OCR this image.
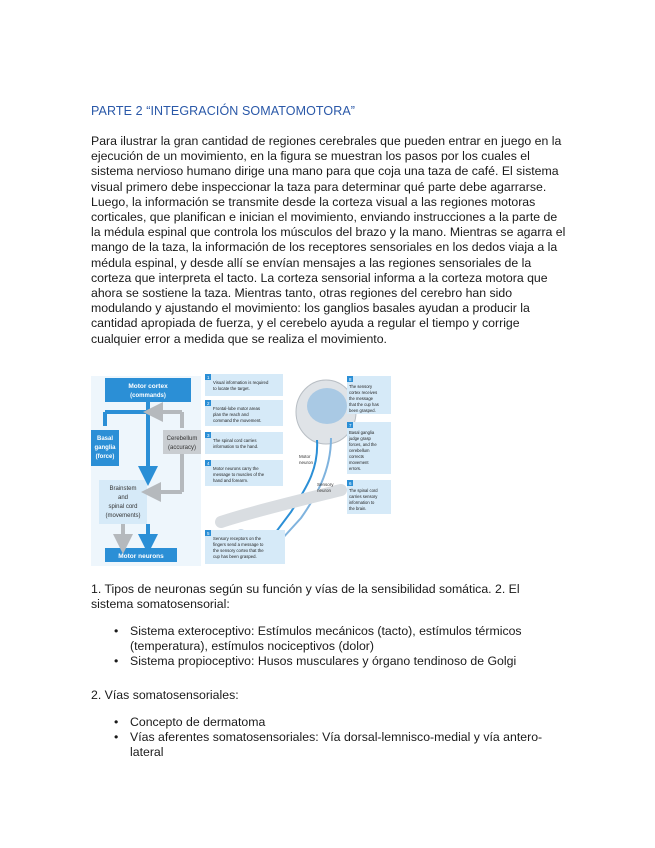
PARTE 2 “INTEGRACIÓN SOMATOMOTORA”

Para ilustrar la gran cantidad de regiones cerebrales que pueden entrar en juego en la ejecución de un movimiento, en la figura se muestran los pasos por los cuales el sistema nervioso humano dirige una mano para que coja una taza de café. El sistema visual primero debe inspeccionar la taza para determinar qué parte debe agarrarse. Luego, la información se transmite desde la corteza visual a las regiones motoras corticales, que planifican e inician el movimiento, enviando instrucciones a la parte de la médula espinal que controla los músculos del brazo y la mano. Mientras se agarra el mango de la taza, la información de los receptores sensoriales en los dedos viaja a la médula espinal, y desde allí se envían mensajes a las regiones sensoriales de la corteza que interpreta el tacto. La corteza sensorial informa a la corteza motora que ahora se sostiene la taza. Mientras tanto, otras regiones del cerebro han sido modulando y ajustando el movimiento: los ganglios basales ayudan a producir la cantidad apropiada de fuerza, y el cerebelo ayuda a regular el tiempo y corrige cualquier error a medida que se realiza el movimiento.

Motor cortex
(commands)
Basal
ganglia
(force)
Cerebellum
(accuracy)
Brainstem
and
spinal cord
(movements)
Motor neurons
Motor
neuron
Sensory
neuron
1
Visual information is required
to locate the target.
2
Frontal-lobe motor areas
plan the reach and
command the movement.
3
The spinal cord carries
information to the hand.
4
Motor neurons carry the
message to muscles of the
hand and forearm.
5
Sensory receptors on the
fingers send a message to
the sensory cortex that the
cup has been grasped.
8
The sensory
cortex receives
the message
that the cup has
been grasped.
7
Basal ganglia
judge grasp
forces, and the
cerebellum
corrects
movement
errors.
6
The spinal cord
carries sensory
information to
the brain.

1. Tipos de neuronas según su función y vías de la sensibilidad somática. 2. El sistema somatosensorial:

• Sistema exteroceptivo: Estímulos mecánicos (tacto), estímulos térmicos (temperatura), estímulos nociceptivos (dolor)
• Sistema propioceptivo: Husos musculares y órgano tendinoso de Golgi

2. Vías somatosensoriales:

• Concepto de dermatoma
• Vías aferentes somatosensoriales: Vía dorsal-lemnisco-medial y vía antero-lateral
